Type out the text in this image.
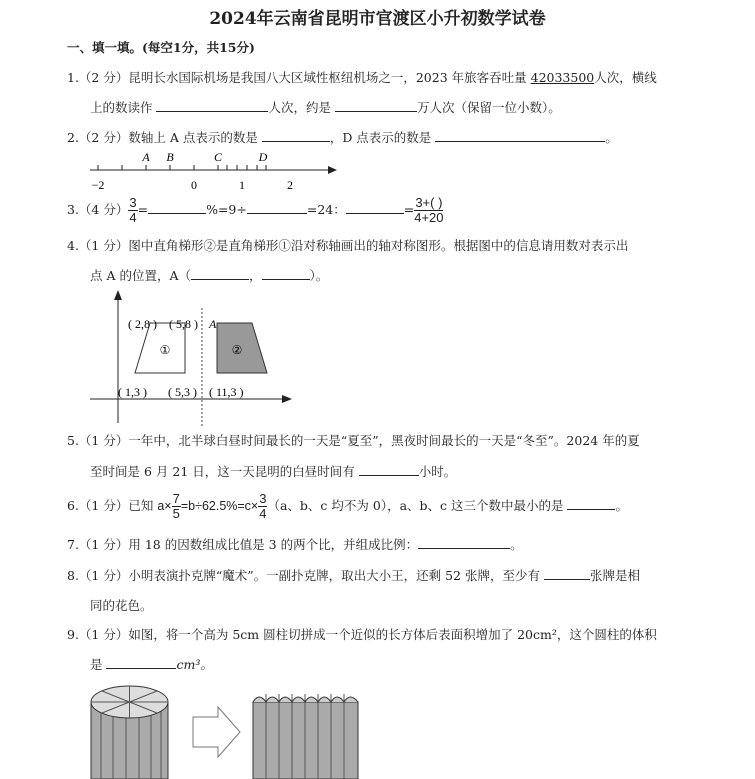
2024年云南省昆明市官渡区小升初数学试卷
一、填一填。(每空1分，共15分)
1.（2 分）昆明长水国际机场是我国八大区域性枢纽机场之一，2023 年旅客吞吐量 42033500人次，横线
上的数读作	人次，约是	万人次（保留一位小数）。
2.（2 分）数轴上 A 点表示的数是	，D 点表示的数是	。
A B	C	D
−2	0	1	2
3.（4 分） $\frac{3}{4}$ =	%=9÷	=24：	= $\frac{3+( )}{4+20}$
4.（1 分）图中直角梯形②是直角梯形①沿对称轴画出的轴对称图形。根据图中的信息请用数对表示出
点 A 的位置，A（	，	）。
( 2,8 ) ( 5,8 ) A
( 1,3 ) ( 5,3 ) ( 11,3 )
①	②
5.（1 分）一年中，北半球白昼时间最长的一天是“夏至”，黑夜时间最长的一天是“冬至”。2024 年的夏
至时间是 6 月 21 日，这一天昆明的白昼时间有	小时。
6.（1 分）已知 $a\times \frac{7}{5} =b\div 62.5\%=c\times \frac{3}{4} (a$、b、c 均不为 0），a、b、c 这三个数中最小的是	。
7.（1 分）用 18 的因数组成比值是 3 的两个比，并组成比例：	。
8.（1 分）小明表演扑克牌“魔术”。一副扑克牌，取出大小王，还剩 52 张牌，至少有	张牌是相
同的花色。
9.（1 分）如图，将一个高为 5cm 圆柱切拼成一个近似的长方体后表面积增加了 20cm²，这个圆柱的体积
是	cm³。
